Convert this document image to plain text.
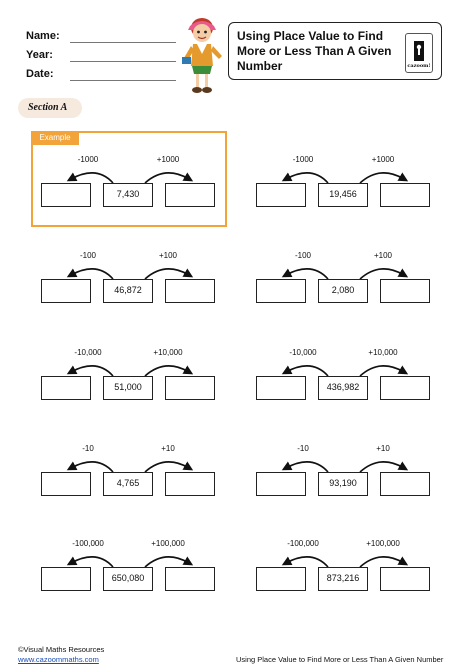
Name:
Year:
Date:
Using Place Value to Find More or Less Than A Given Number	cazoom!
Section A
Example
-1000	+1000
7,430
-1000	+1000
19,456
-100	+100
46,872
-100	+100
2,080
-10,000	+10,000
51,000
-10,000	+10,000
436,982
-10	+10
4,765
-10	+10
93,190
-100,000	+100,000
650,080
-100,000	+100,000
873,216
©Visual Maths Resources
www.cazoommaths.com	Using Place Value to Find More or Less Than A Given Number
